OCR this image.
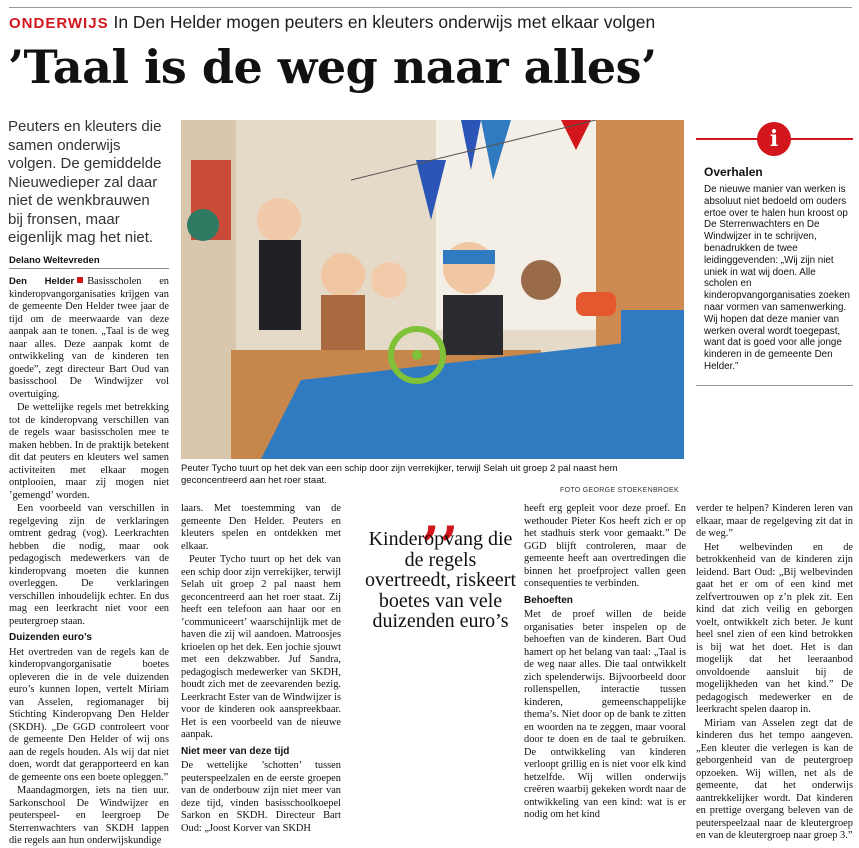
ONDERWIJS In Den Helder mogen peuters en kleuters onderwijs met elkaar volgen
’Taal is de weg naar alles’
Peuters en kleuters die samen onderwijs volgen. De gemiddelde Nieuwedieper zal daar niet de wenkbrauwen bij fronsen, maar eigenlijk mag het niet.
Delano Weltevreden

Den Helder Basisscholen en kinderopvangorganisaties krijgen van de gemeente Den Helder twee jaar de tijd om de meerwaarde van deze aanpak aan te tonen. „Taal is de weg naar alles. Deze aanpak komt de ontwikkeling van de kinderen ten goede”, zegt directeur Bart Oud van basisschool De Windwijzer vol overtuiging.

De wettelijke regels met betrekking tot de kinderopvang verschillen van de regels waar basisscholen mee te maken hebben. In de praktijk betekent dit dat peuters en kleuters wel samen activiteiten met elkaar mogen ontplooien, maar zij mogen niet ’gemengd’ worden.

Een voorbeeld van verschillen in regelgeving zijn de verklaringen omtrent gedrag (vog). Leerkrachten hebben die nodig, maar ook pedagogisch medewerkers van de kinderopvang moeten die kunnen overleggen. De verklaringen verschillen inhoudelijk echter. En dus mag een leerkracht niet voor een peutergroep staan.

Duizenden euro’s

Het overtreden van de regels kan de kinderopvangorganisatie boetes opleveren die in de vele duizenden euro’s kunnen lopen, vertelt Miriam van Asselen, regiomanager bij Stichting Kinderopvang Den Helder (SKDH). „De GGD controleert voor de gemeente Den Helder of wij ons aan de regels houden. Als wij dat niet doen, wordt dat gerapporteerd en kan de gemeente ons een boete opleggen.”

Maandagmorgen, iets na tien uur. Sarkonschool De Windwijzer en peuterspeel- en leergroep De Sterrenwachters van SKDH lappen die regels aan hun onderwijskundige

Peuter Tycho tuurt op het dek van een schip door zijn verrekijker, terwijl Selah uit groep 2 pal naast hem geconcentreerd aan het roer staat.
FOTO GEORGE STOEKENBROEK

laars. Met toestemming van de gemeente Den Helder. Peuters en kleuters spelen en ontdekken met elkaar.

Peuter Tycho tuurt op het dek van een schip door zijn verrekijker, terwijl Selah uit groep 2 pal naast hem geconcentreerd aan het roer staat. Zij heeft een telefoon aan haar oor en ’communiceert’ waarschijnlijk met de haven die zij wil aandoen. Matroosjes krioelen op het dek. Een jochie sjouwt met een dekzwabber. Juf Sandra, pedagogisch medewerker van SKDH, houdt zich met de zeevarenden bezig. Leerkracht Ester van de Windwijzer is voor de kinderen ook aanspreekbaar. Het is een voorbeeld van de nieuwe aanpak.

Niet meer van deze tijd

De wettelijke ’schotten’ tussen peuterspeelzalen en de eerste groepen van de onderbouw zijn niet meer van deze tijd, vinden basisschoolkoepel Sarkon en SKDH. Directeur Bart Oud: „Joost Korver van SKDH

‚‚
Kinderopvang die de regels overtreedt, riskeert boetes van vele duizenden euro’s

heeft erg gepleit voor deze proef. En wethouder Pieter Kos heeft zich er op het stadhuis sterk voor gemaakt.” De GGD blijft controleren, maar de gemeente heeft aan overtredingen die binnen het proefproject vallen geen consequenties te verbinden.

Behoeften

Met de proef willen de beide organisaties beter inspelen op de behoeften van de kinderen. Bart Oud hamert op het belang van taal: „Taal is de weg naar alles. Die taal ontwikkelt zich spelenderwijs. Bijvoorbeeld door rollenspellen, interactie tussen kinderen, gemeenschappelijke thema’s. Niet door op de bank te zitten en woorden na te zeggen, maar vooral door te doen en de taal te gebruiken. De ontwikkeling van kinderen verloopt grillig en is niet voor elk kind hetzelfde. Wij willen onderwijs creëren waarbij gekeken wordt naar de ontwikkeling van een kind: wat is er nodig om het kind

verder te helpen? Kinderen leren van elkaar, maar de regelgeving zit dat in de weg.”

Het welbevinden en de betrokkenheid van de kinderen zijn leidend. Bart Oud: „Bij welbevinden gaat het er om of een kind met zelfvertrouwen op z’n plek zit. Een kind dat zich veilig en geborgen voelt, ontwikkelt zich beter. Je kunt heel snel zien of een kind betrokken is bij wat het doet. Het is dan mogelijk dat het leeraanbod onvoldoende aansluit bij de mogelijkheden van het kind.” De pedagogisch medewerker en de leerkracht spelen daarop in.

Miriam van Asselen zegt dat de kinderen dus het tempo aangeven. „Een kleuter die verlegen is kan de geborgenheid van de peutergroep opzoeken. Wij willen, net als de gemeente, dat het onderwijs aantrekkelijker wordt. Dat kinderen en prettige overgang beleven van de peuterspeelzaal naar de kleutergroep en van de kleutergroep naar groep 3.”

i
Overhalen
De nieuwe manier van werken is absoluut niet bedoeld om ouders ertoe over te halen hun kroost op De Sterrenwachters en De Windwijzer in te schrijven, benadrukken de twee leidinggevenden: „Wij zijn niet uniek in wat wij doen. Alle scholen en kinderopvangorganisaties zoeken naar vormen van samenwerking. Wij hopen dat deze manier van werken overal wordt toegepast, want dat is goed voor alle jonge kinderen in de gemeente Den Helder.”
